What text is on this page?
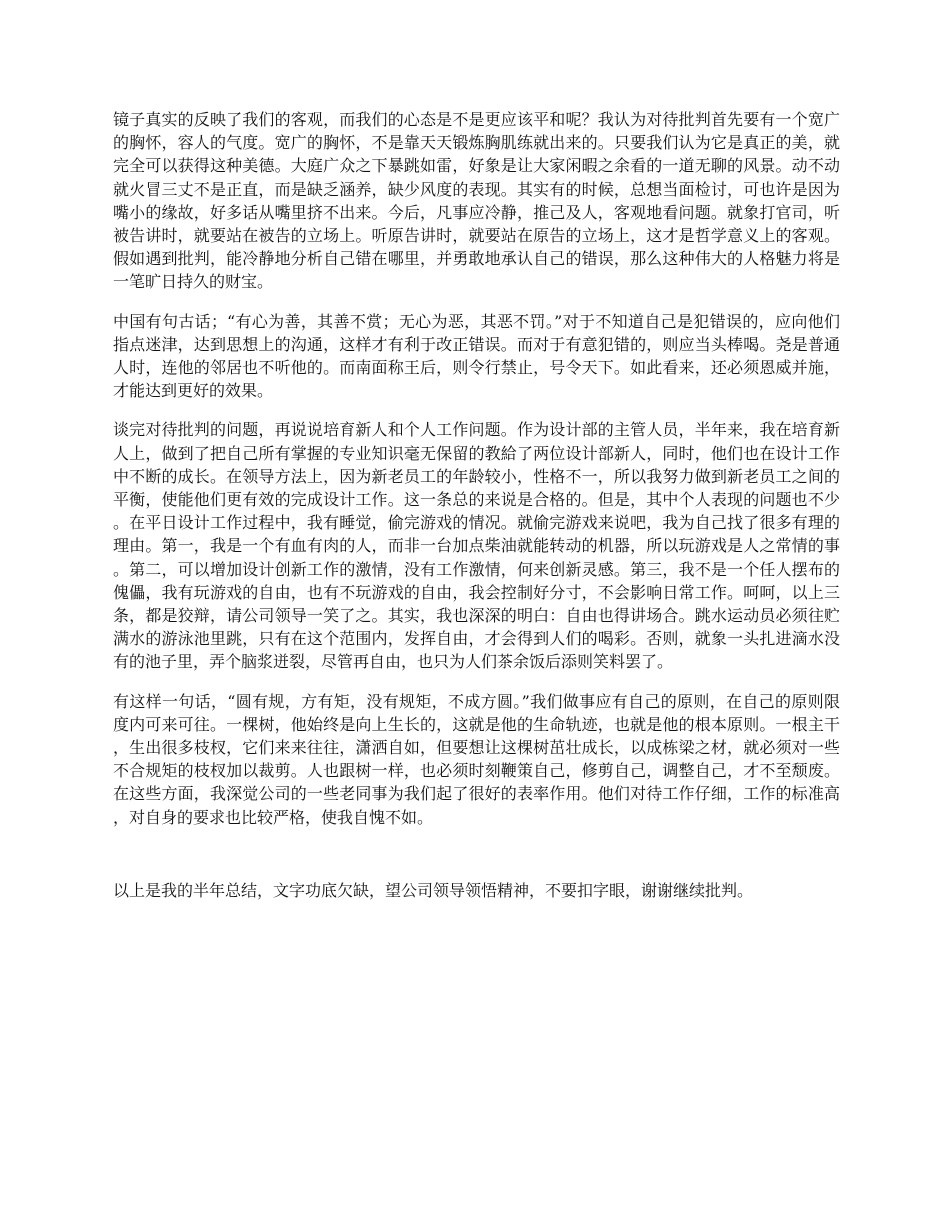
镜子真实的反映了我们的客观，而我们的心态是不是更应该平和呢？我认为对待批判首先要有一个宽广的胸怀，容人的气度。宽广的胸怀，不是靠天天锻炼胸肌练就出来的。只要我们认为它是真正的美，就完全可以获得这种美德。大庭广众之下暴跳如雷，好象是让大家闲暇之余看的一道无聊的风景。动不动就火冒三丈不是正直，而是缺乏涵养，缺少风度的表现。其实有的时候，总想当面检讨，可也许是因为嘴小的缘故，好多话从嘴里挤不出来。今后，凡事应冷静，推己及人，客观地看问题。就象打官司，听被告讲时，就要站在被告的立场上。听原告讲时，就要站在原告的立场上，这才是哲学意义上的客观。假如遇到批判，能冷静地分析自己错在哪里，并勇敢地承认自己的错误，那么这种伟大的人格魅力将是一笔旷日持久的财宝。

中国有句古话；“有心为善，其善不赏；无心为恶，其恶不罚。”对于不知道自己是犯错误的，应向他们指点迷津，达到思想上的沟通，这样才有利于改正错误。而对于有意犯错的，则应当头棒喝。尧是普通人时，连他的邻居也不听他的。而南面称王后，则令行禁止，号令天下。如此看来，还必须恩威并施，才能达到更好的效果。

谈完对待批判的问题，再说说培育新人和个人工作问题。作为设计部的主管人员，半年来，我在培育新人上，做到了把自己所有掌握的专业知识毫无保留的教給了两位设计部新人，同时，他们也在设计工作中不断的成长。在领导方法上，因为新老员工的年龄较小，性格不一，所以我努力做到新老员工之间的平衡，使能他们更有效的完成设计工作。这一条总的来说是合格的。但是，其中个人表现的问题也不少。在平日设计工作过程中，我有睡觉，偷完游戏的情况。就偷完游戏来说吧，我为自己找了很多有理的理由。第一，我是一个有血有肉的人，而非一台加点柴油就能转动的机器，所以玩游戏是人之常情的事。第二，可以增加设计创新工作的激情，没有工作激情，何来创新灵感。第三，我不是一个任人摆布的傀儡，我有玩游戏的自由，也有不玩游戏的自由，我会控制好分寸，不会影响日常工作。呵呵，以上三条，都是狡辩，请公司领导一笑了之。其实，我也深深的明白：自由也得讲场合。跳水运动员必须往贮满水的游泳池里跳，只有在这个范围内，发挥自由，才会得到人们的喝彩。否则，就象一头扎进滴水没有的池子里，弄个脑浆迸裂，尽管再自由，也只为人们茶余饭后添则笑料罢了。

有这样一句话，“圆有规，方有矩，没有规矩，不成方圆。”我们做事应有自己的原则，在自己的原则限度内可来可往。一棵树，他始终是向上生长的，这就是他的生命轨迹，也就是他的根本原则。一根主干，生出很多枝杈，它们来来往往，潇洒自如，但要想让这棵树茁壮成长，以成栋梁之材，就必须对一些不合规矩的枝杈加以裁剪。人也跟树一样，也必须时刻鞭策自己，修剪自己，调整自己，才不至颓废。在这些方面，我深觉公司的一些老同事为我们起了很好的表率作用。他们对待工作仔细，工作的标准高，对自身的要求也比较严格，使我自愧不如。

以上是我的半年总结，文字功底欠缺，望公司领导领悟精神，不要扣字眼，谢谢继续批判。
